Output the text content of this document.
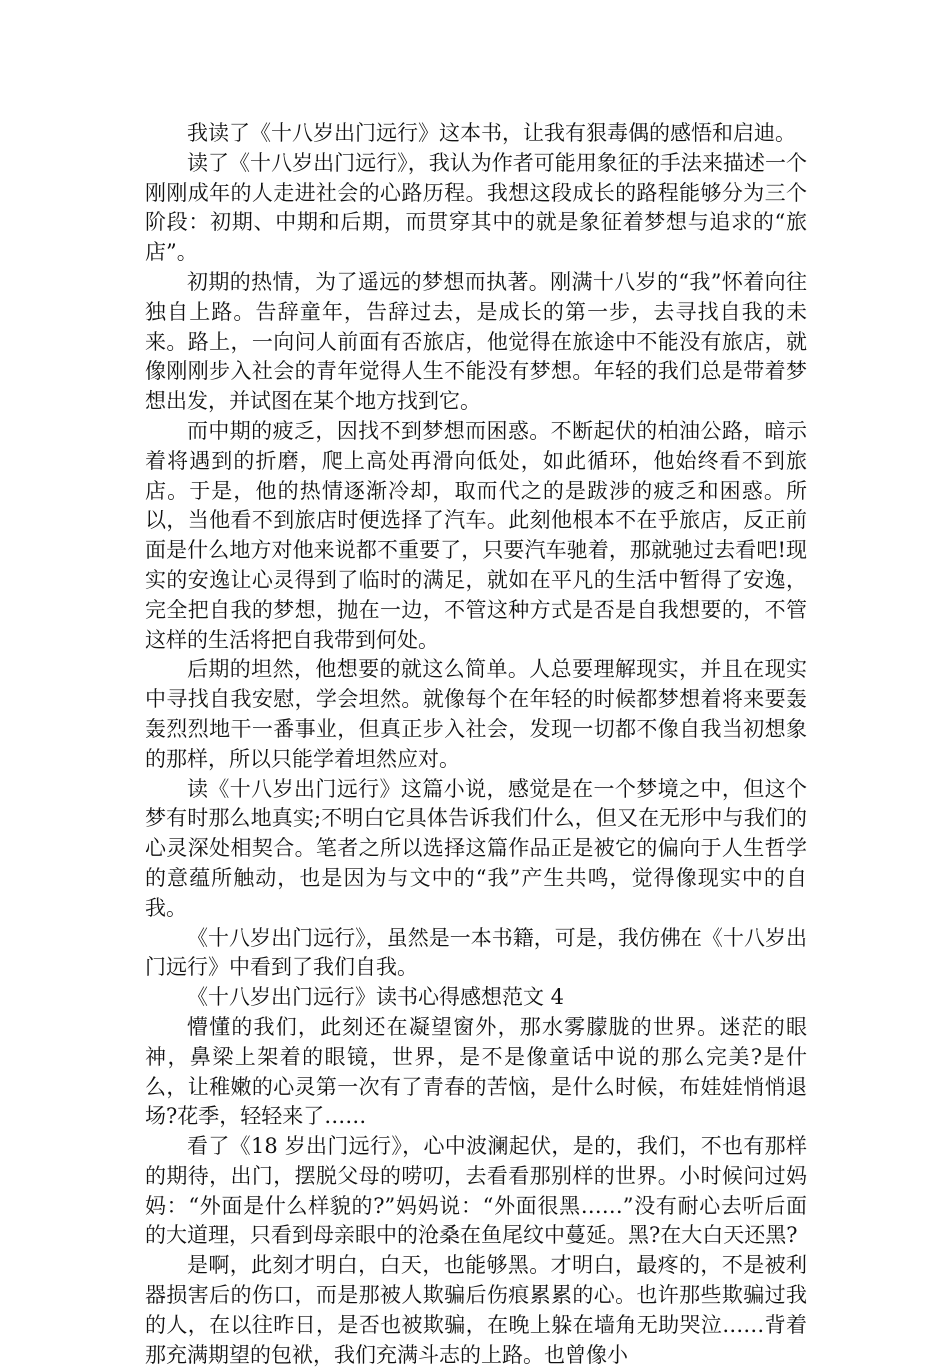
我读了《十八岁出门远行》这本书，让我有狠毒偶的感悟和启迪。

读了《十八岁出门远行》，我认为作者可能用象征的手法来描述一个刚刚成年的人走进社会的心路历程。我想这段成长的路程能够分为三个阶段：初期、中期和后期，而贯穿其中的就是象征着梦想与追求的“旅店”。

初期的热情，为了遥远的梦想而执著。刚满十八岁的“我”怀着向往独自上路。告辞童年，告辞过去，是成长的第一步，去寻找自我的未来。路上，一向问人前面有否旅店，他觉得在旅途中不能没有旅店，就像刚刚步入社会的青年觉得人生不能没有梦想。年轻的我们总是带着梦想出发，并试图在某个地方找到它。

而中期的疲乏，因找不到梦想而困惑。不断起伏的柏油公路，暗示着将遇到的折磨，爬上高处再滑向低处，如此循环，他始终看不到旅店。于是，他的热情逐渐冷却，取而代之的是跋涉的疲乏和困惑。所以，当他看不到旅店时便选择了汽车。此刻他根本不在乎旅店，反正前面是什么地方对他来说都不重要了，只要汽车驰着，那就驰过去看吧!现实的安逸让心灵得到了临时的满足，就如在平凡的生活中暂得了安逸，完全把自我的梦想，抛在一边，不管这种方式是否是自我想要的，不管这样的生活将把自我带到何处。

后期的坦然，他想要的就这么简单。人总要理解现实，并且在现实中寻找自我安慰，学会坦然。就像每个在年轻的时候都梦想着将来要轰轰烈烈地干一番事业，但真正步入社会，发现一切都不像自我当初想象的那样，所以只能学着坦然应对。

读《十八岁出门远行》这篇小说，感觉是在一个梦境之中，但这个梦有时那么地真实;不明白它具体告诉我们什么，但又在无形中与我们的心灵深处相契合。笔者之所以选择这篇作品正是被它的偏向于人生哲学的意蕴所触动，也是因为与文中的“我”产生共鸣，觉得像现实中的自我。

《十八岁出门远行》，虽然是一本书籍，可是，我仿佛在《十八岁出门远行》中看到了我们自我。

《十八岁出门远行》读书心得感想范文 4

懵懂的我们，此刻还在凝望窗外，那水雾朦胧的世界。迷茫的眼神，鼻梁上架着的眼镜，世界，是不是像童话中说的那么完美?是什么，让稚嫩的心灵第一次有了青春的苦恼，是什么时候，布娃娃悄悄退场?花季，轻轻来了……

看了《18 岁出门远行》，心中波澜起伏，是的，我们，不也有那样的期待，出门，摆脱父母的唠叨，去看看那别样的世界。小时候问过妈妈：“外面是什么样貌的?”妈妈说：“外面很黑……”没有耐心去听后面的大道理，只看到母亲眼中的沧桑在鱼尾纹中蔓延。黑?在大白天还黑?

是啊，此刻才明白，白天，也能够黑。才明白，最疼的，不是被利器损害后的伤口，而是那被人欺骗后伤痕累累的心。也许那些欺骗过我的人，在以往昨日，是否也被欺骗，在晚上躲在墙角无助哭泣……背着那充满期望的包袱，我们充满斗志的上路。也曾像小
